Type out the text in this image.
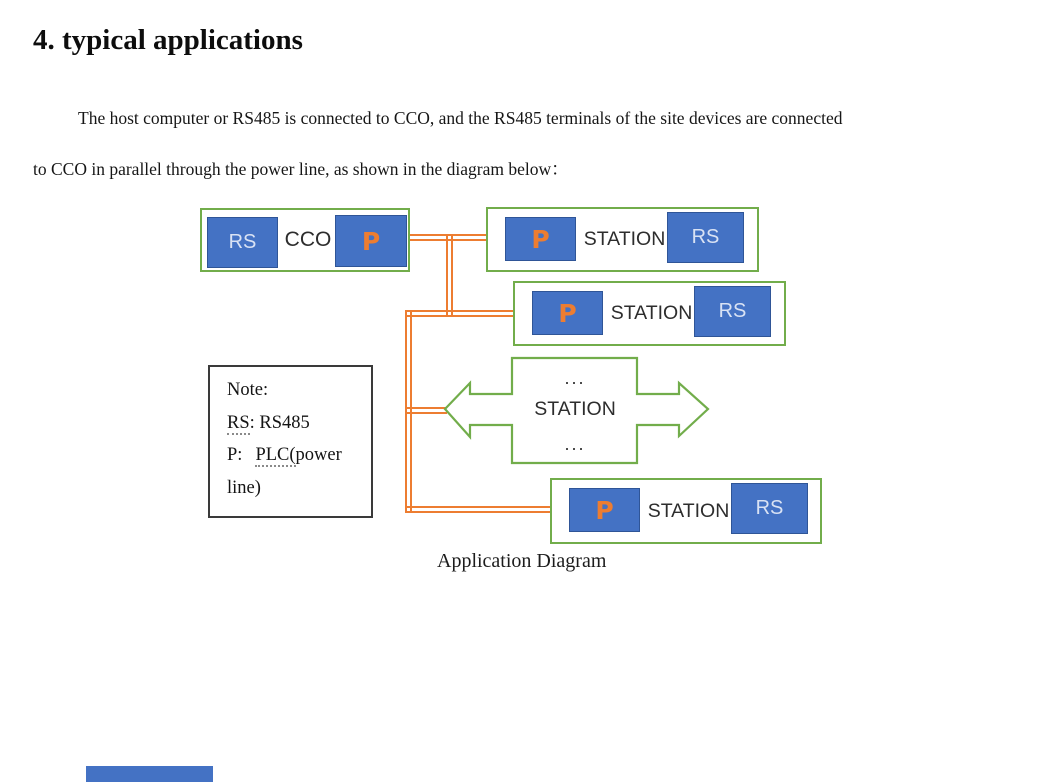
4. typical applications
The host computer or RS485 is connected to CCO, and the RS485 terminals of the site devices are connected
to CCO in parallel through the power line, as shown in the diagram below：
RS	CCO P	P STATION RS
P STATION RS
...
STATION
...
P STATION RS
Note:
RS: RS485
P: PLC(power
line)
Application Diagram
